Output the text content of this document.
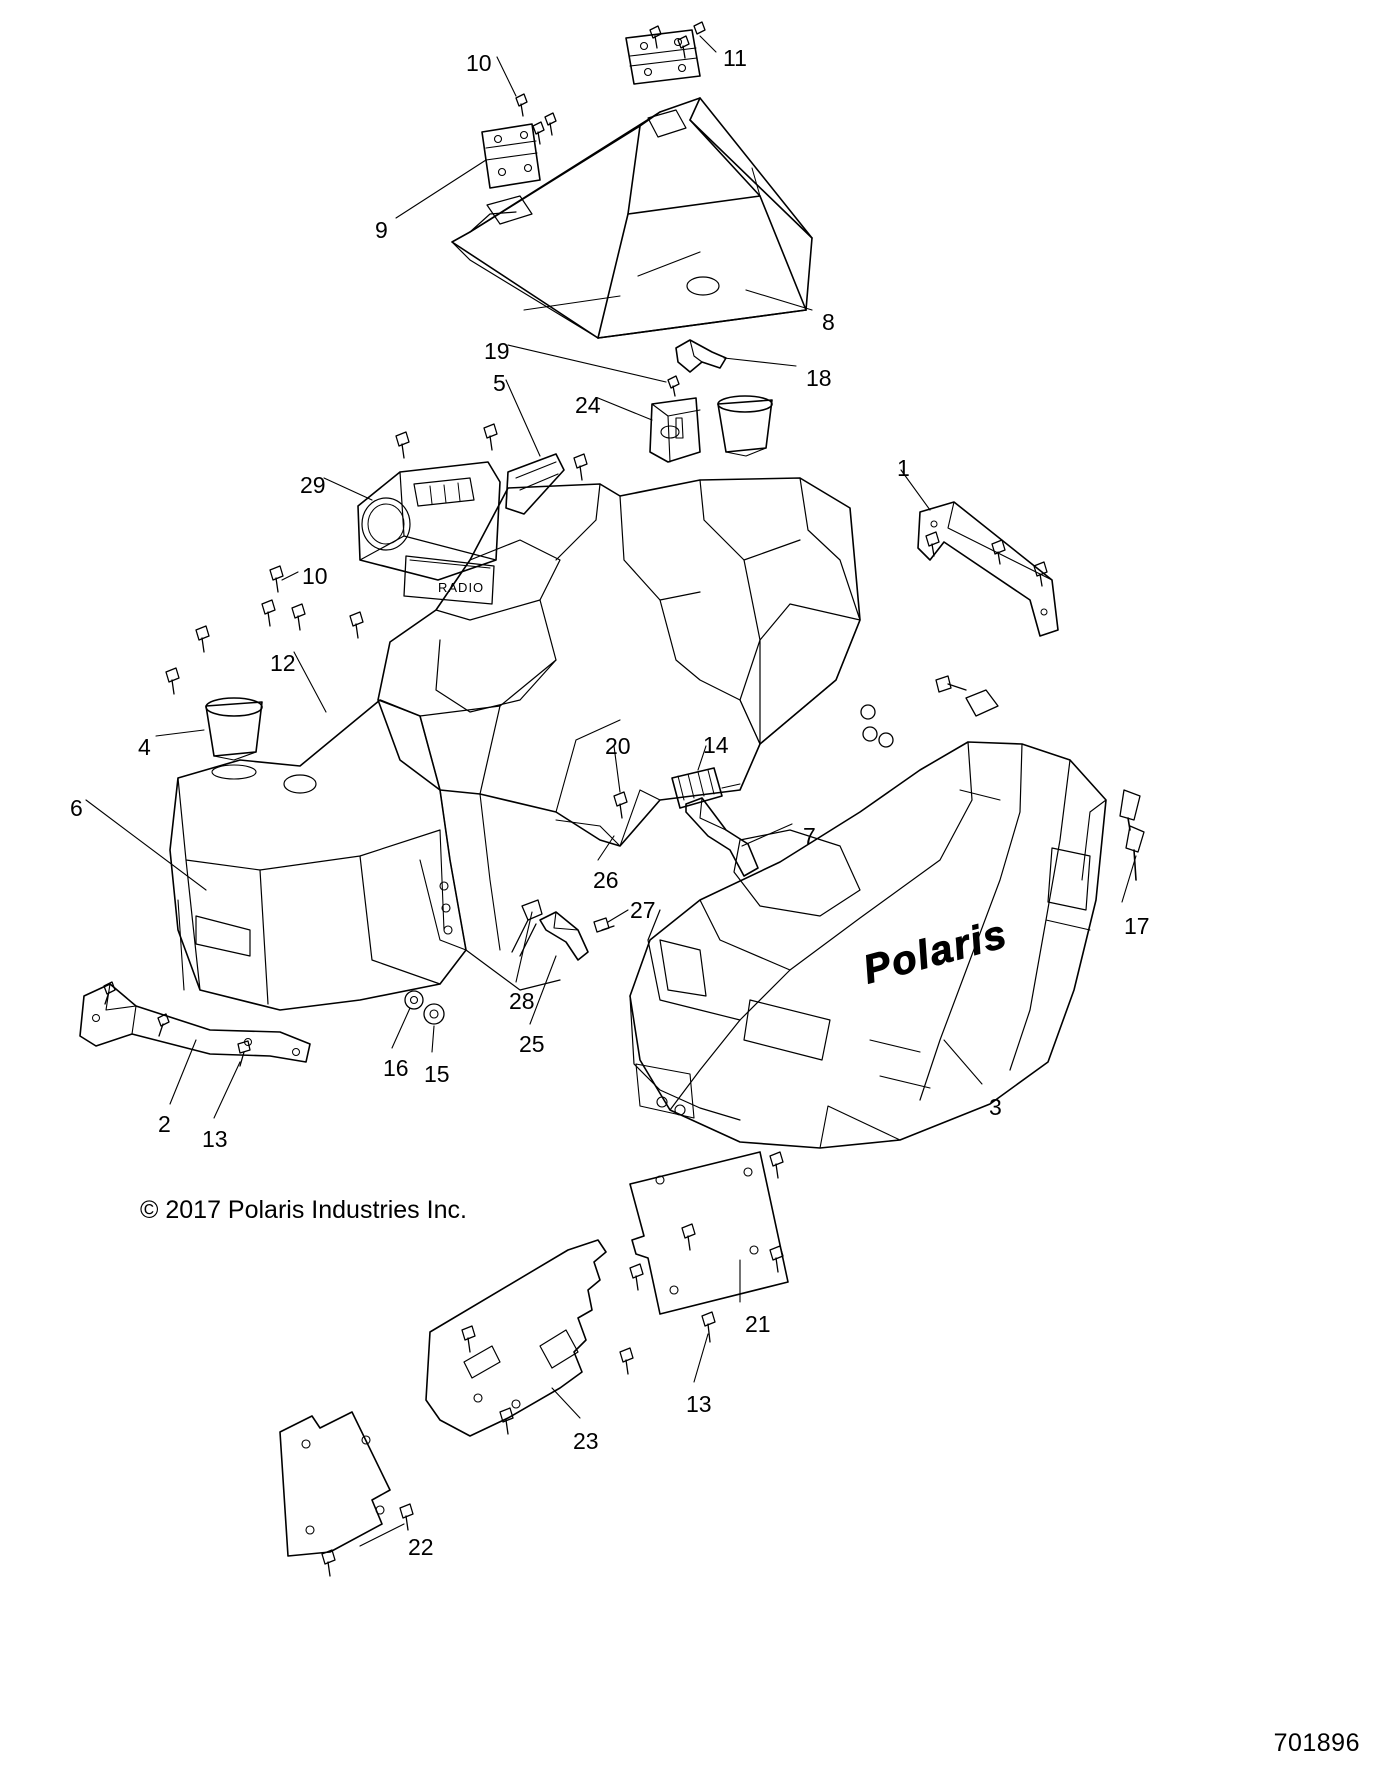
RADIO
Polaris
10	11
9
8
19
18
5
24
1
29
10
12
4	20	14
6
7
17
26
27
28
25
16 15
2
13
3
21
13
23
22
© 2017 Polaris Industries Inc.
701896
